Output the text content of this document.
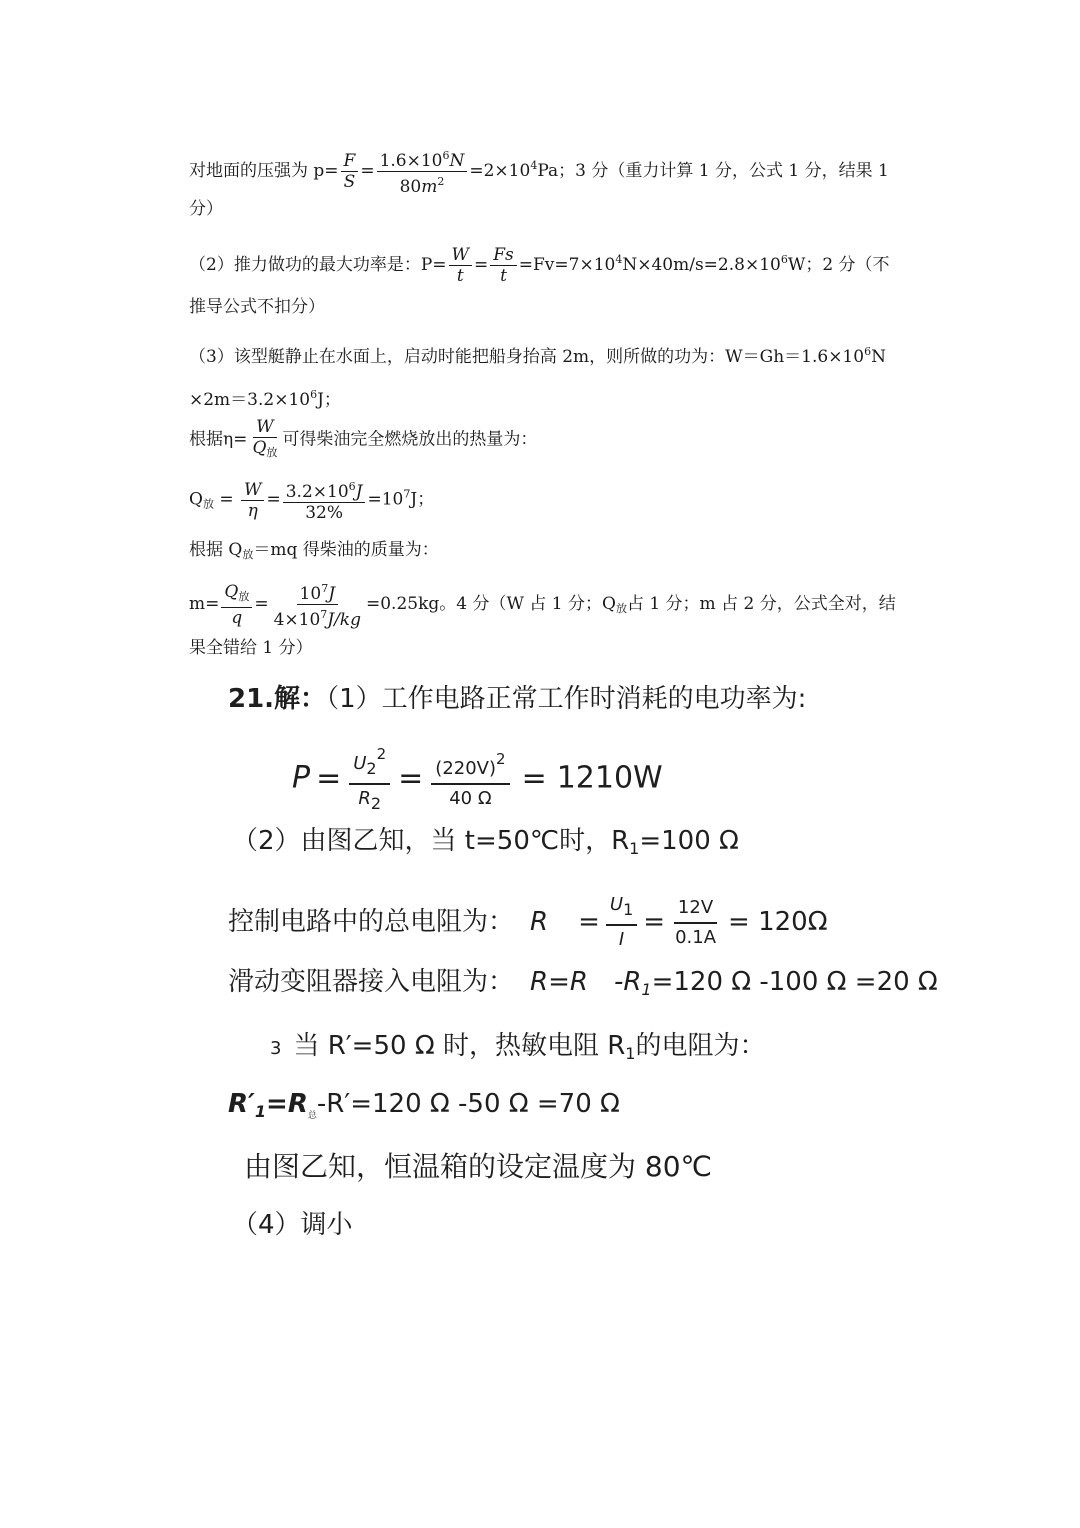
对地面的压强为 $p= \frac{F}{S} = \frac{1.6\times 10^6N}{80m^2} =2\times 10^4Pa$；3 分（重力计算 1 分，公式 1 分，结果 1
分）
（2）推力做功的最大功率是：$P= \frac{W}{t} = \frac{Fs}{t} =Fv=7\times 10^4N\times 40m/s=2.8\times 10^6W$；2 分（不
推导公式不扣分）
（3）该型艇静止在水面上，启动时能把船身抬高 2m，则所做的功为：$W=Gh=1.6\times 10^6N$
$\times 2m=3.2\times 10^6J$；
根据η=
W
$Q_放$
可得柴油完全燃烧放出的热量为：
$Q_放 = \frac{W}{\eta} = \frac{3.2\times 10^6J}{32\%} =10^7J$；
根据 $Q_放=mq$ 得柴油的质量为：
m=
$Q_放$
q
= $\frac{10^7J}{4\times 10^7J/kg} =0.25kg$。4 分（W 占 1 分；$Q_放$占 1 分；m 占 2 分，公式全对，结
果全错给 1 分）
21.解：（1）工作电路正常工作时消耗的电功率为:
$P = \frac{U2^2}{R2} = \frac{(220V)^2}{40 \Omega} = 1210W$
（2）由图乙知，当 t=50℃时，$R_1=100$ Ω
控制电路中的总电阻为： $R = \frac{U1}{I} = \frac{12V}{0.1A} = 120\Omega$
滑动变阻器接入电阻为： R=R $-R_1=120$ Ω -100 Ω =20 Ω
3 当 R′=50 Ω 时，热敏电阻 $R_1$的电阻为：
$R'_1=R_总-R'=120$ Ω -50 Ω =70 Ω
由图乙知，恒温箱的设定温度为 80℃
（4）调小
